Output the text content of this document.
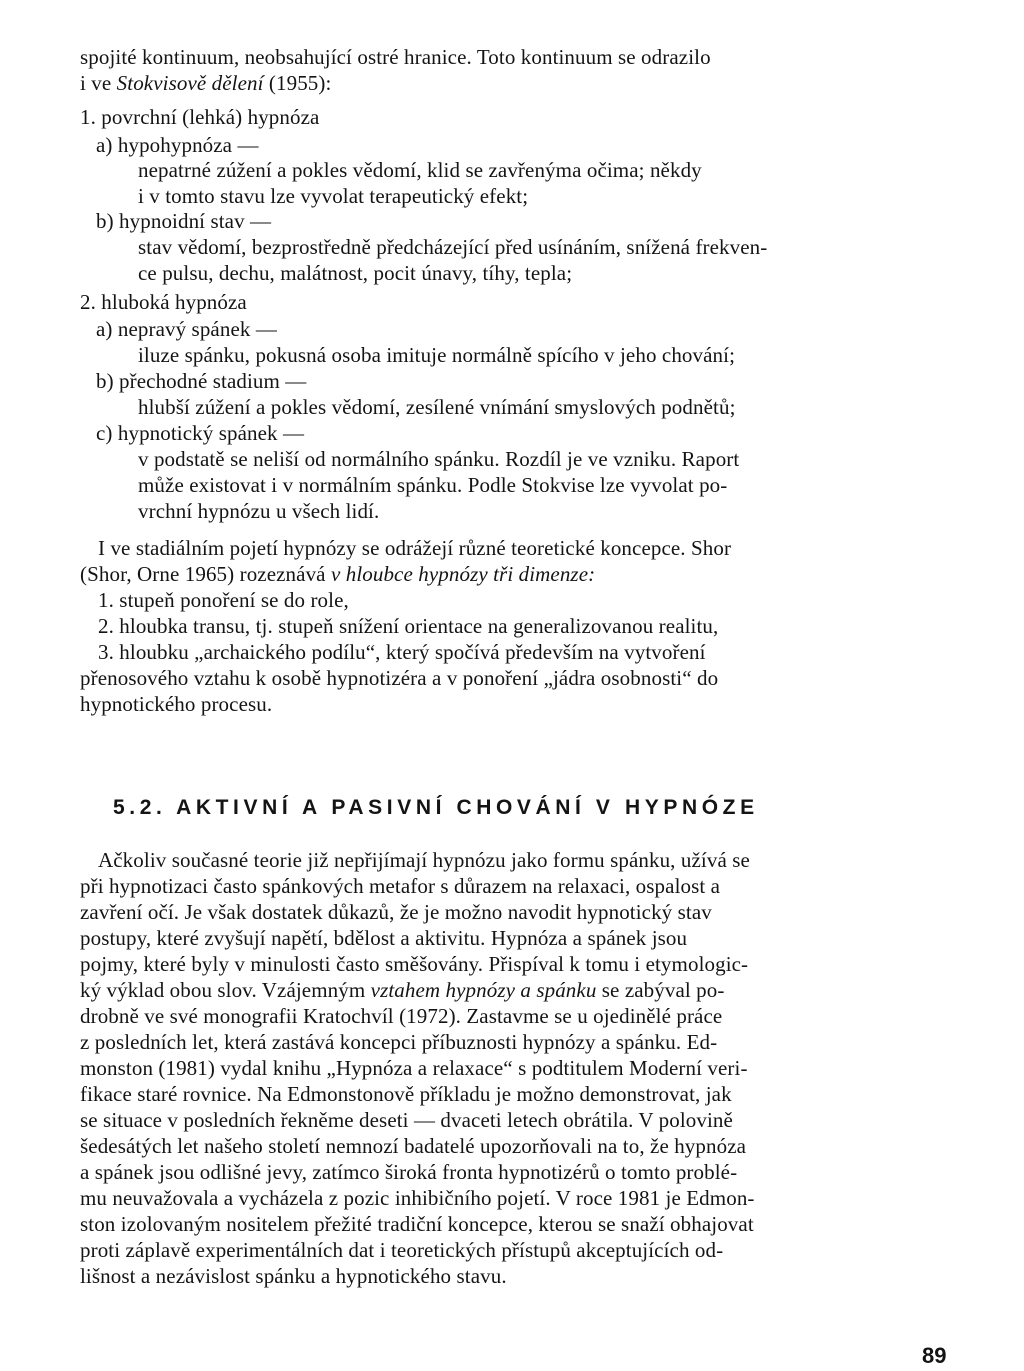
spojité kontinuum, neobsahující ostré hranice. Toto kontinuum se odrazilo
i ve Stokvisově dělení (1955):
1. povrchní (lehká) hypnóza
a) hypohypnóza —
nepatrné zúžení a pokles vědomí, klid se zavřenýma očima; někdy
i v tomto stavu lze vyvolat terapeutický efekt;
b) hypnoidní stav —
stav vědomí, bezprostředně předcházející před usínáním, snížená frekven-
ce pulsu, dechu, malátnost, pocit únavy, tíhy, tepla;
2. hluboká hypnóza
a) nepravý spánek —
iluze spánku, pokusná osoba imituje normálně spícího v jeho chování;
b) přechodné stadium —
hlubší zúžení a pokles vědomí, zesílené vnímání smyslových podnětů;
c) hypnotický spánek —
v podstatě se neliší od normálního spánku. Rozdíl je ve vzniku. Raport
může existovat i v normálním spánku. Podle Stokvise lze vyvolat po-
vrchní hypnózu u všech lidí.
I ve stadiálním pojetí hypnózy se odrážejí různé teoretické koncepce. Shor
(Shor, Orne 1965) rozeznává v hloubce hypnózy tři dimenze:
1. stupeň ponoření se do role,
2. hloubka transu, tj. stupeň snížení orientace na generalizovanou realitu,
3. hloubku „archaického podílu“, který spočívá především na vytvoření
přenosového vztahu k osobě hypnotizéra a v ponoření „jádra osobnosti“ do
hypnotického procesu.
5.2. AKTIVNÍ A PASIVNÍ CHOVÁNÍ V HYPNÓZE
Ačkoliv současné teorie již nepřijímají hypnózu jako formu spánku, užívá se
při hypnotizaci často spánkových metafor s důrazem na relaxaci, ospalost a
zavření očí. Je však dostatek důkazů, že je možno navodit hypnotický stav
postupy, které zvyšují napětí, bdělost a aktivitu. Hypnóza a spánek jsou
pojmy, které byly v minulosti často směšovány. Přispíval k tomu i etymologic-
ký výklad obou slov. Vzájemným vztahem hypnózy a spánku se zabýval po-
drobně ve své monografii Kratochvíl (1972). Zastavme se u ojedinělé práce
z posledních let, která zastává koncepci příbuznosti hypnózy a spánku. Ed-
monston (1981) vydal knihu „Hypnóza a relaxace“ s podtitulem Moderní veri-
fikace staré rovnice. Na Edmonstonově příkladu je možno demonstrovat, jak
se situace v posledních řekněme deseti — dvaceti letech obrátila. V polovině
šedesátých let našeho století nemnozí badatelé upozorňovali na to, že hypnóza
a spánek jsou odlišné jevy, zatímco široká fronta hypnotizérů o tomto problé-
mu neuvažovala a vycházela z pozic inhibičního pojetí. V roce 1981 je Edmon-
ston izolovaným nositelem přežité tradiční koncepce, kterou se snaží obhajovat
proti záplavě experimentálních dat i teoretických přístupů akceptujících od-
lišnost a nezávislost spánku a hypnotického stavu.
89
